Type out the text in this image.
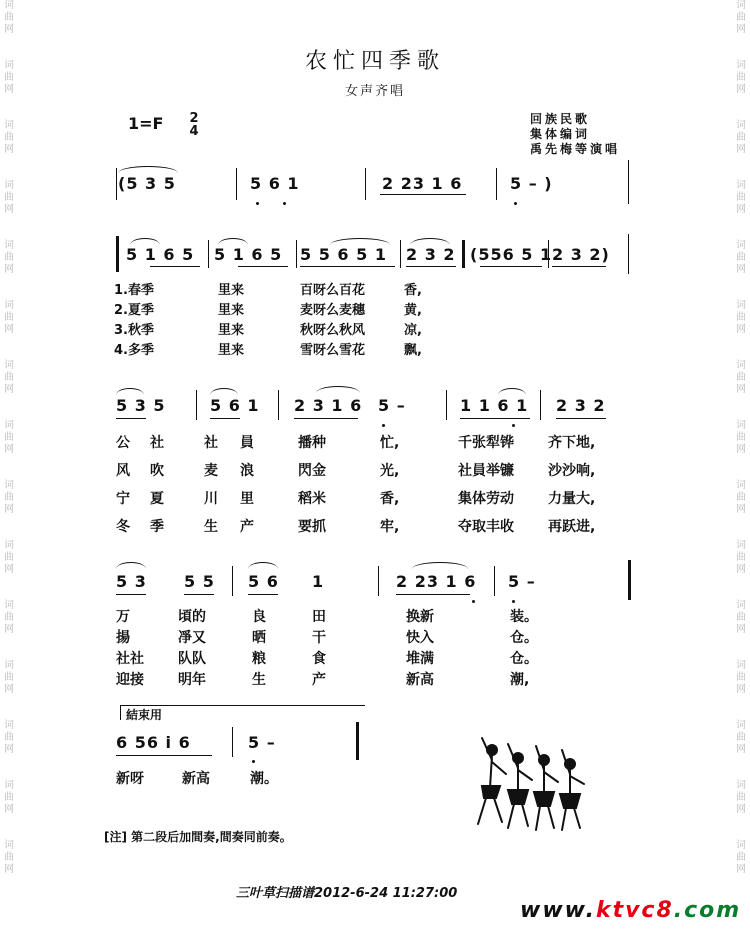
词
曲
网
词
曲
网
词
曲
网
词
曲
网
词
曲
网
词
曲
网
词
曲
网
词
曲
网
词
曲
网
词
曲
网
词
曲
网
词
曲
网
词
曲
网
词
曲
网
词
曲
网
词
曲
网
词
曲
网
词
曲
网
词
曲
网
词
曲
网
词
曲
网
词
曲
网
词
曲
网
词
曲
网
词
曲
网
词
曲
网
词
曲
网
词
曲
网
词
曲
网
词
曲
网
农忙四季歌
女声齐唱
1=F 2
4
回族民歌
集体编词
禹先梅等演唱
(5 3 5	5 6 1	2 23 1 6	5 – )
5 1 6 5 5 1 6 5 5 5 6 5 1 2 3 2 (556 5 1 2 3 2)
1.春季	里来	百呀么百花	香,
2.夏季	里来	麦呀么麦穗	黄,
3.秋季	里来	秋呀么秋风	凉,
4.多季	里来	雪呀么雪花	飘,
5 3 5	5 6 1 2 3 1 6 5 –	1 1 6 1 2 3 2
公 社	社 員	播种	忙,	千张犁铧 齐下地,
风 吹	麦 浪	閃金	光,	社員举镰 沙沙响,
宁 夏	川 里	稻米	香,	集体劳动 力量大,
冬 季	生 产	要抓	牢,	夺取丰收 再跃进,
5 3 5 5 5 6 1	2 23 1 6 5 –
万	頃的	良	田	换新	装。
揚	凈又	晒	干	快入	仓。
社社 队队	粮	食	堆满	仓。
迎接 明年	生	产	新高	潮,
結束用
6 56 i 6	5 –
新呀	新高	潮。
[注] 第二段后加間奏,間奏同前奏。
三叶草扫描谱2012-6-24 11:27:00
www.ktvc8.com
